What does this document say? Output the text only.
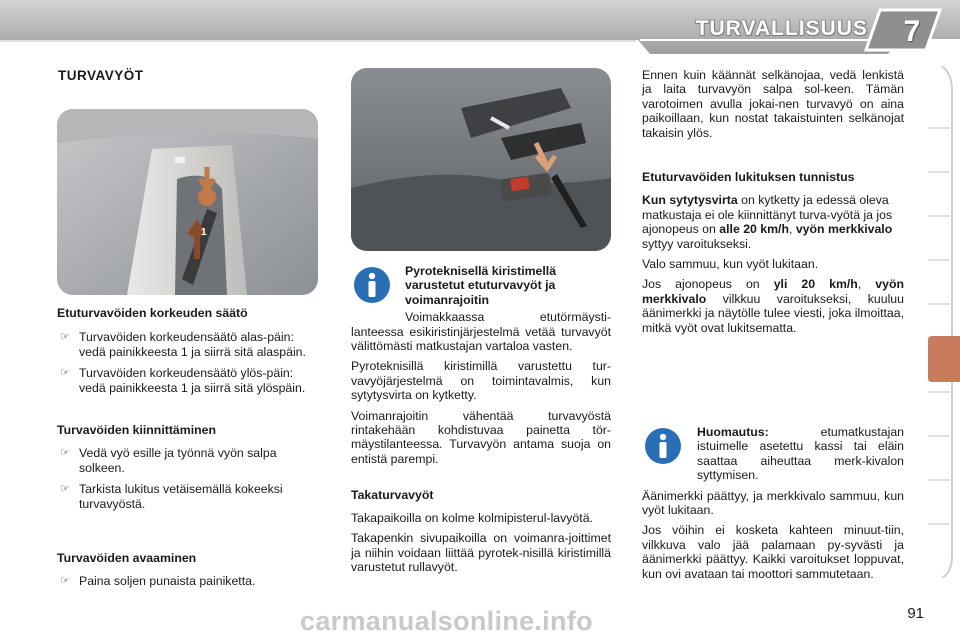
TURVALLISUUS	7
TURVAVYÖT
1
Etuturvavöiden korkeuden säätö
☞ Turvavöiden korkeudensäätö alas-päin: vedä painikkeesta 1 ja siirrä sitä alaspäin.
☞ Turvavöiden korkeudensäätö ylös-päin: vedä painikkeesta 1 ja siirrä sitä ylöspäin.
Turvavöiden kiinnittäminen
☞ Vedä vyö esille ja työnnä vyön salpa solkeen.
☞ Tarkista lukitus vetäisemällä kokeeksi turvavyöstä.
Turvavöiden avaaminen
☞ Paina soljen punaista painiketta.
Pyroteknisellä kiristimellä varustetut etuturvavyöt ja voimanrajoitin

Voimakkaassa etutörmäysti-lanteessa esikiristinjärjestelmä vetää turvavyöt välittömästi matkustajan vartaloa vasten.

Pyroteknisillä kiristimillä varustettu tur-vavyöjärjestelmä on toimintavalmis, kun sytytysvirta on kytketty.

Voimanrajoitin vähentää turvavyöstä rintakehään kohdistuvaa painetta tör-mäystilanteessa. Turvavyön antama suoja on entistä parempi.

Takaturvavyöt

Takapaikoilla on kolme kolmipisterul-lavyötä.

Takapenkin sivupaikoilla on voimanra-joittimet ja niihin voidaan liittää pyrotek-nisillä kiristimillä varustetut rullavyöt.

Ennen kuin käännät selkänojaa, vedä lenkistä ja laita turvavyön salpa sol-keen. Tämän varotoimen avulla jokai-nen turvavyö on aina paikoillaan, kun nostat takaistuinten selkänojat takaisin ylös.

Etuturvavöiden lukituksen tunnistus

Kun sytytysvirta on kytketty ja edessä oleva matkustaja ei ole kiinnittänyt turva-vyötä ja jos ajonopeus on alle 20 km/h, vyön merkkivalo syttyy varoitukseksi.

Valo sammuu, kun vyöt lukitaan.

Jos ajonopeus on yli 20 km/h, vyön merkkivalo vilkkuu varoitukseksi, kuuluu äänimerkki ja näytölle tulee viesti, joka ilmoittaa, mitkä vyöt ovat lukitsematta.

Huomautus: etumatkustajan istuimelle asetettu kassi tai eläin saattaa aiheuttaa merk-kivalon syttymisen.

Äänimerkki päättyy, ja merkkivalo sammuu, kun vyöt lukitaan.

Jos vöihin ei kosketa kahteen minuut-tiin, vilkkuva valo jää palamaan py-syvästi ja äänimerkki päättyy. Kaikki varoitukset loppuvat, kun ovi avataan tai moottori sammutetaan.

carmanualsonline.info	91
